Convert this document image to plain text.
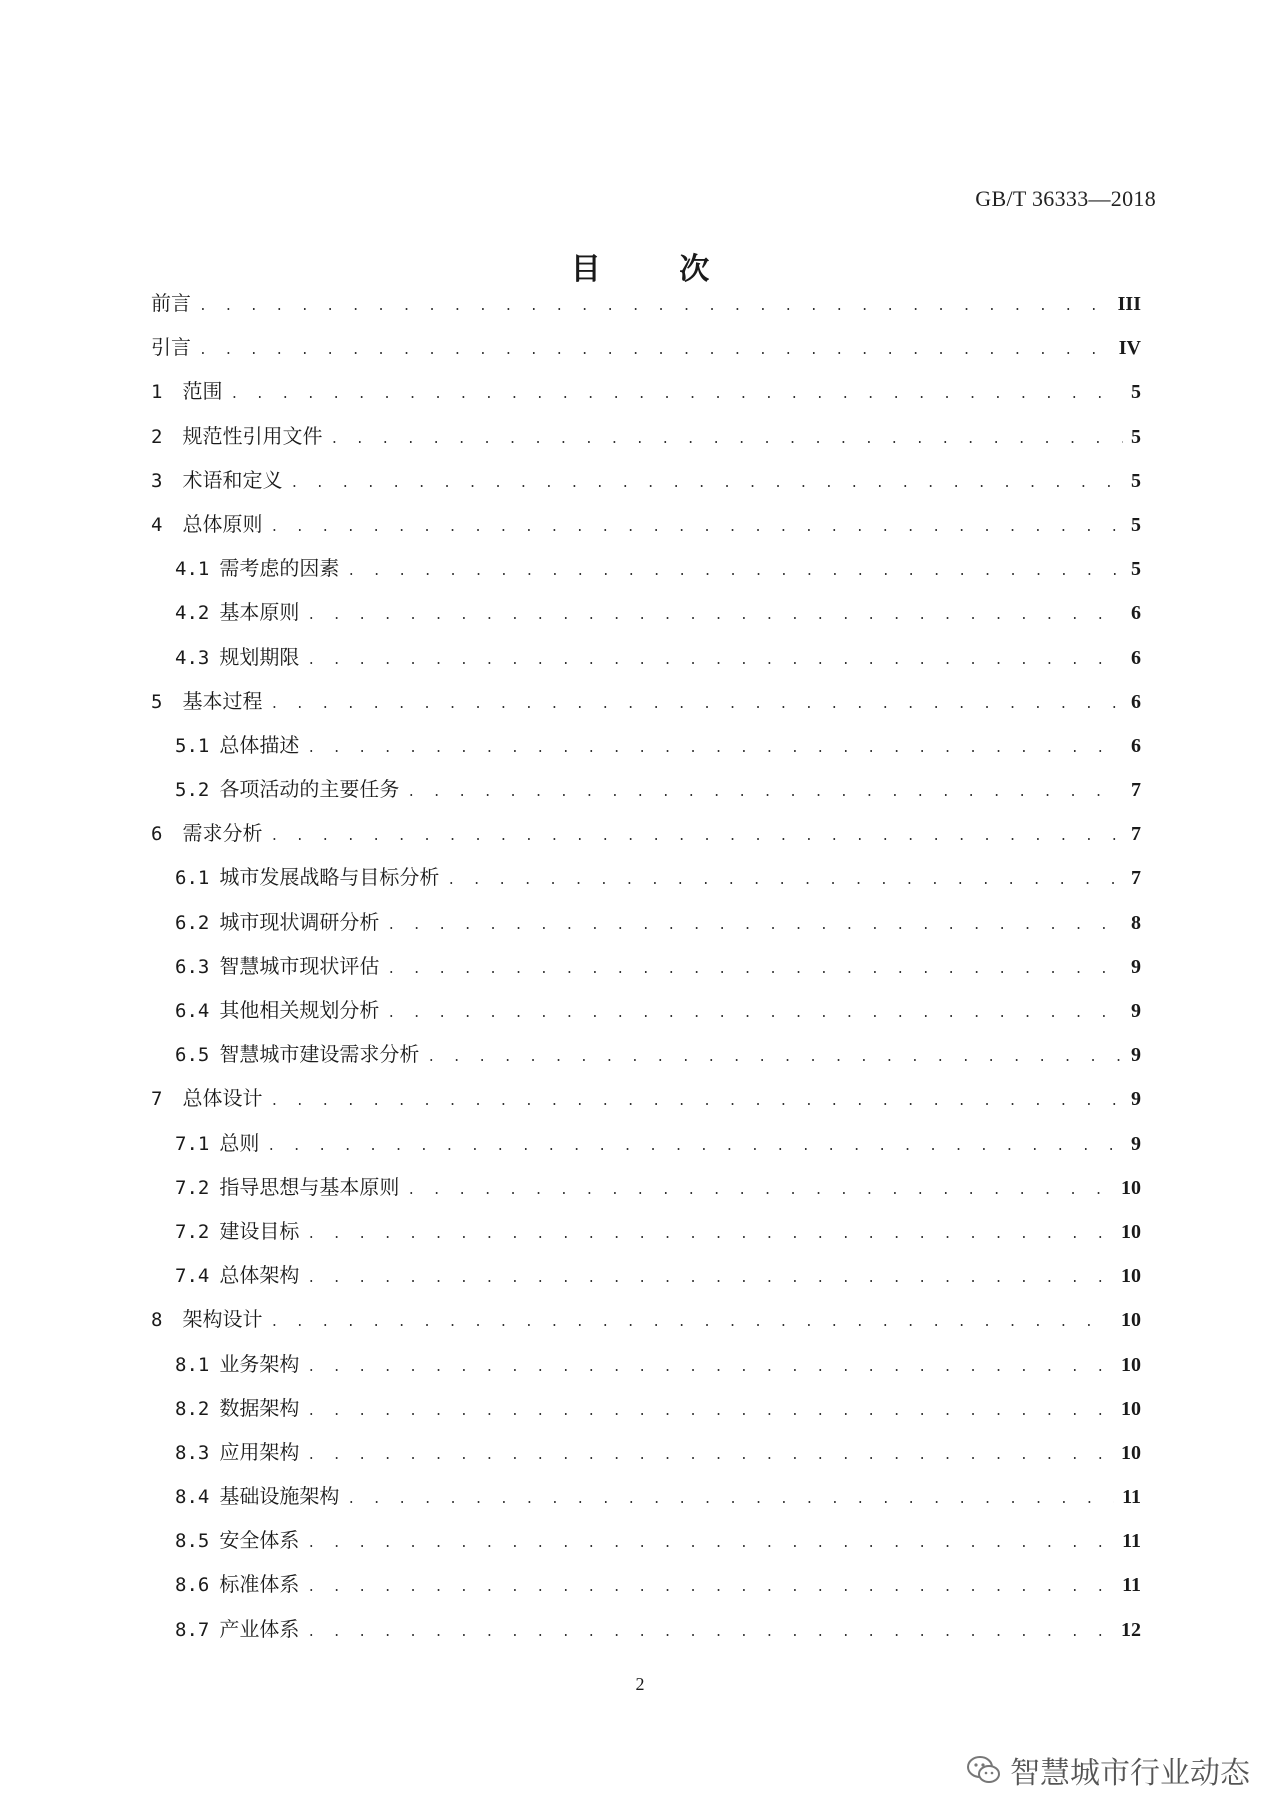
GB/T 36333—2018
目 次
前言 . . .	III
引言 . . .	IV
1 范围 . . .	5
2 规范性引用文件 . . .	5
3 术语和定义 . . .	5
4 总体原则 . . .	5
4.1 需考虑的因素 . . .	5
4.2 基本原则 . . .	6
4.3 规划期限 . . .	6
5 基本过程 . . .	6
5.1 总体描述 . . .	6
5.2 各项活动的主要任务 . . .	7
6 需求分析 . . .	7
6.1 城市发展战略与目标分析 . . .	7
6.2 城市现状调研分析 . . .	8
6.3 智慧城市现状评估 . . .	9
6.4 其他相关规划分析 . . .	9
6.5 智慧城市建设需求分析 . . .	9
7 总体设计 . . .	9
7.1 总则 . . .	9
7.2 指导思想与基本原则 . . .	10
7.2 建设目标 . . .	10
7.4 总体架构 . . .	10
8 架构设计 . . .	10
8.1 业务架构 . . .	10
8.2 数据架构 . . .	10
8.3 应用架构 . . .	10
8.4 基础设施架构 . . .	11
8.5 安全体系 . . .	11
8.6 标准体系 . . .	11
8.7 产业体系 . . .	12
2
智慧城市行业动态
